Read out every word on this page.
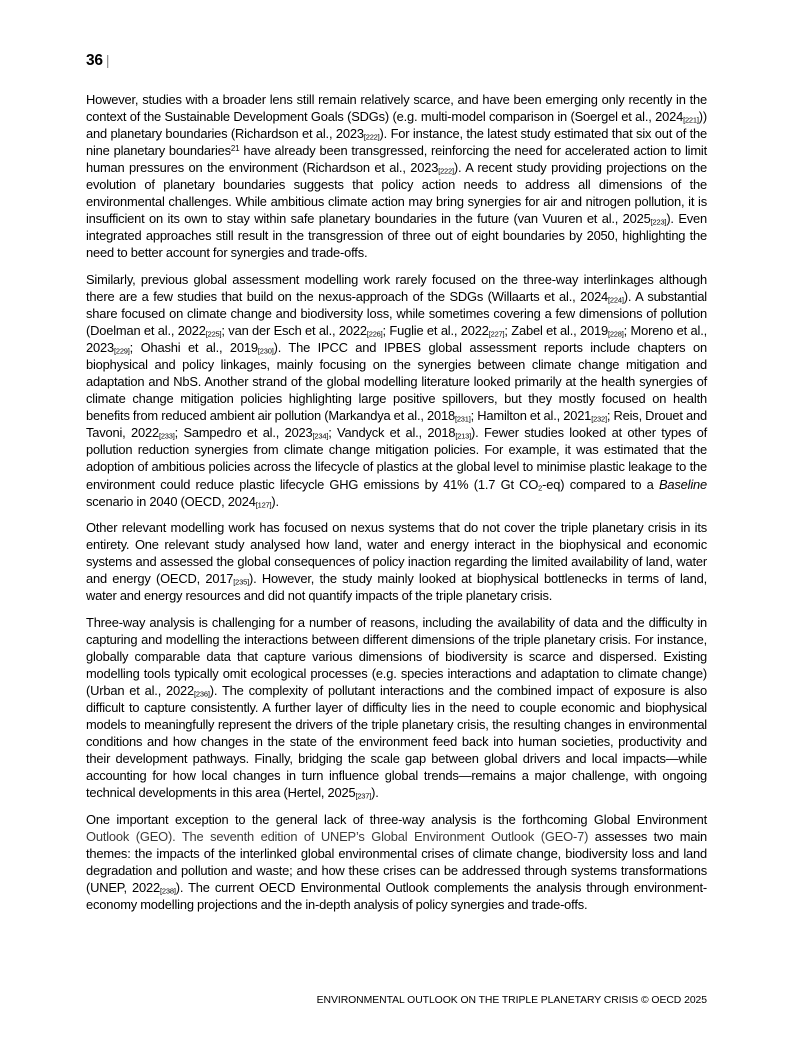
36 |

However, studies with a broader lens still remain relatively scarce, and have been emerging only recently in the context of the Sustainable Development Goals (SDGs) (e.g. multi-model comparison in (Soergel et al., $2024_{[221]}$)) and planetary boundaries (Richardson et al., $2023_{[222]}$). For instance, the latest study estimated that six out of the nine planetary boundaries$^{21}$ have already been transgressed, reinforcing the need for accelerated action to limit human pressures on the environment (Richardson et al., $2023_{[222]}$). A recent study providing projections on the evolution of planetary boundaries suggests that policy action needs to address all dimensions of the environmental challenges. While ambitious climate action may bring synergies for air and nitrogen pollution, it is insufficient on its own to stay within safe planetary boundaries in the future (van Vuuren et al., $2025_{[223]}$). Even integrated approaches still result in the transgression of three out of eight boundaries by 2050, highlighting the need to better account for synergies and trade-offs.

Similarly, previous global assessment modelling work rarely focused on the three-way interlinkages although there are a few studies that build on the nexus-approach of the SDGs (Willaarts et al., $2024_{[224]}$). A substantial share focused on climate change and biodiversity loss, while sometimes covering a few dimensions of pollution (Doelman et al., $2022_{[225]}$; van der Esch et al., $2022_{[226]}$; Fuglie et al., $2022_{[227]}$; Zabel et al., $2019_{[228]}$; Moreno et al., $2023_{[229]}$; Ohashi et al., $2019_{[230]}$). The IPCC and IPBES global assessment reports include chapters on biophysical and policy linkages, mainly focusing on the synergies between climate change mitigation and adaptation and NbS. Another strand of the global modelling literature looked primarily at the health synergies of climate change mitigation policies highlighting large positive spillovers, but they mostly focused on health benefits from reduced ambient air pollution (Markandya et al., $2018_{[231]}$; Hamilton et al., $2021_{[232]}$; Reis, Drouet and Tavoni, $2022_{[233]}$; Sampedro et al., $2023_{[234]}$; Vandyck et al., $2018_{[213]}$). Fewer studies looked at other types of pollution reduction synergies from climate change mitigation policies. For example, it was estimated that the adoption of ambitious policies across the lifecycle of plastics at the global level to minimise plastic leakage to the environment could reduce plastic lifecycle GHG emissions by 41% (1.7 Gt $CO_2-eq$) compared to a Baseline scenario in 2040 (OECD, $2024_{[127]}$).

Other relevant modelling work has focused on nexus systems that do not cover the triple planetary crisis in its entirety. One relevant study analysed how land, water and energy interact in the biophysical and economic systems and assessed the global consequences of policy inaction regarding the limited availability of land, water and energy (OECD, $2017_{[235]}$). However, the study mainly looked at biophysical bottlenecks in terms of land, water and energy resources and did not quantify impacts of the triple planetary crisis.

Three-way analysis is challenging for a number of reasons, including the availability of data and the difficulty in capturing and modelling the interactions between different dimensions of the triple planetary crisis. For instance, globally comparable data that capture various dimensions of biodiversity is scarce and dispersed. Existing modelling tools typically omit ecological processes (e.g. species interactions and adaptation to climate change) (Urban et al., $2022_{[236]}$). The complexity of pollutant interactions and the combined impact of exposure is also difficult to capture consistently. A further layer of difficulty lies in the need to couple economic and biophysical models to meaningfully represent the drivers of the triple planetary crisis, the resulting changes in environmental conditions and how changes in the state of the environment feed back into human societies, productivity and their development pathways. Finally, bridging the scale gap between global drivers and local impacts—while accounting for how local changes in turn influence global trends—remains a major challenge, with ongoing technical developments in this area (Hertel, $2025_{[237]}$).

One important exception to the general lack of three-way analysis is the forthcoming Global Environment Outlook (GEO). The seventh edition of UNEP’s Global Environment Outlook (GEO-7) assesses two main themes: the impacts of the interlinked global environmental crises of climate change, biodiversity loss and land degradation and pollution and waste; and how these crises can be addressed through systems transformations (UNEP, $2022_{[238]}$). The current OECD Environmental Outlook complements the analysis through environment-economy modelling projections and the in-depth analysis of policy synergies and trade-offs.

ENVIRONMENTAL OUTLOOK ON THE TRIPLE PLANETARY CRISIS © OECD 2025
